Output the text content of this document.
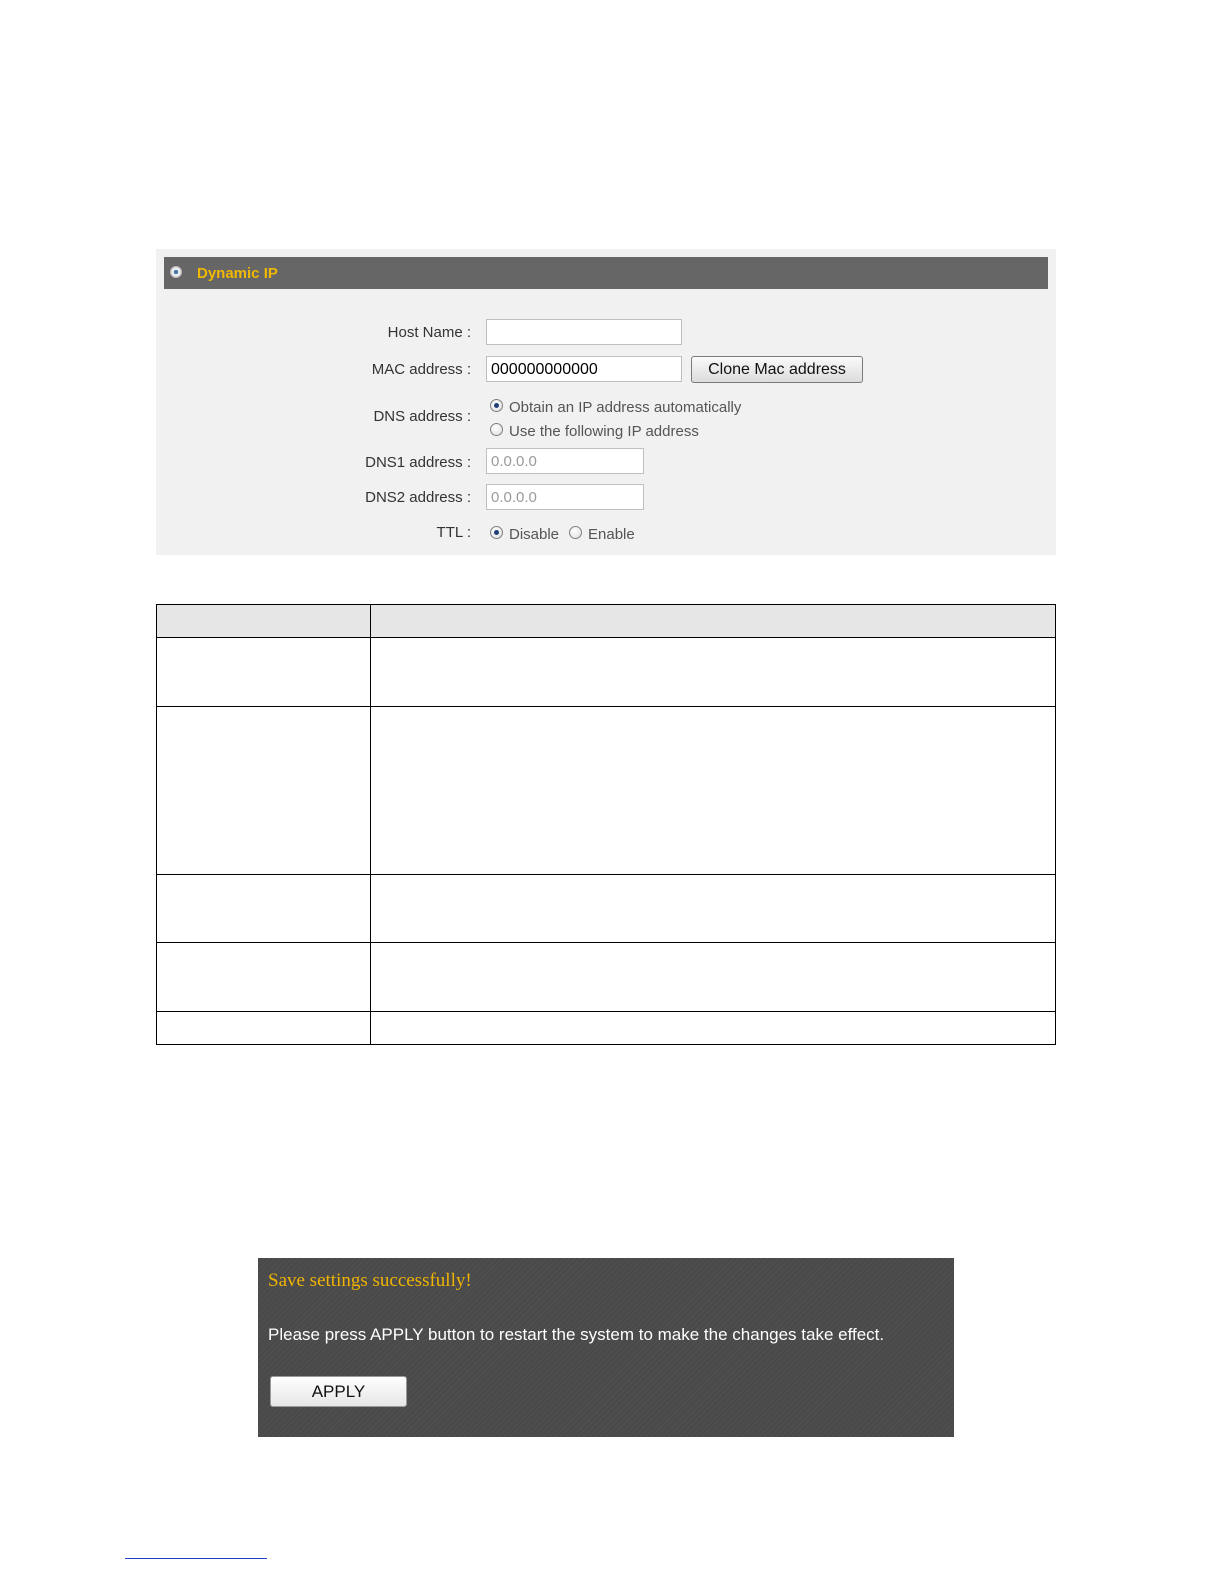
Dynamic IP
Host Name :
MAC address :	000000000000	Clone Mac address
DNS address :
Obtain an IP address automatically
Use the following IP address
DNS1 address :	0.0.0.0
DNS2 address :	0.0.0.0
TTL :	Disable Enable

Save settings successfully!
Please press APPLY button to restart the system to make the changes take effect.
APPLY
